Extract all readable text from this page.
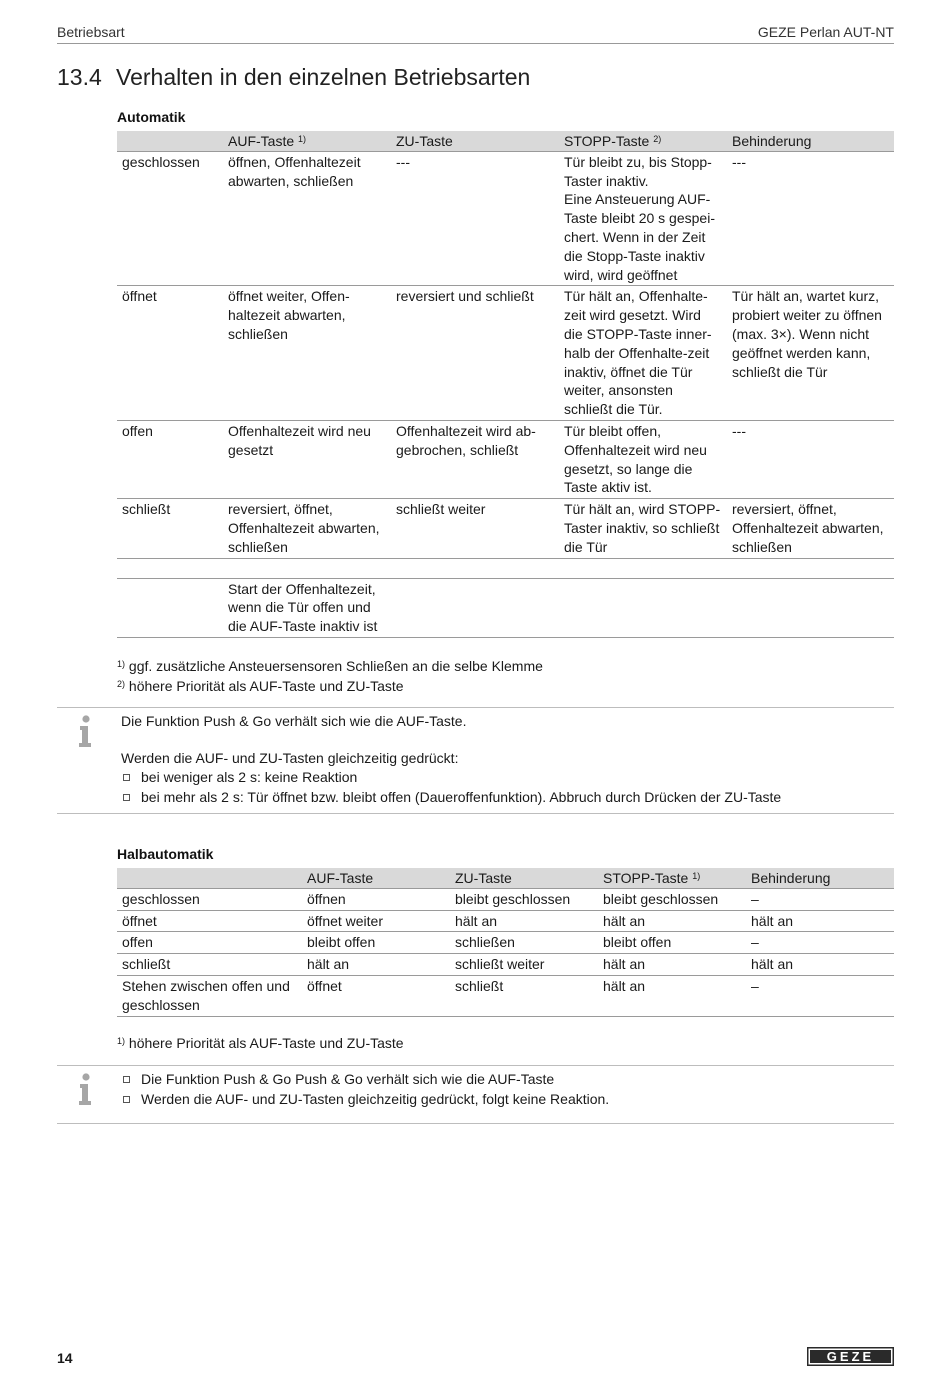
Betriebsart	GEZE Perlan AUT-NT
13.4 Verhalten in den einzelnen Betriebsarten
Automatik
	AUF-Taste $^{1)}$	ZU-Taste	STOPP-Taste $^{2)}$	Behinderung

geschlossen	öffnen, Offenhaltezeit abwarten, schließen	---	Tür bleibt zu, bis Stopp-Taster inaktiv.
Eine Ansteuerung AUF-Taste bleibt 20 s gespei-chert. Wenn in der Zeit die Stopp-Taste inaktiv wird, wird geöffnet	---

öffnet	öffnet weiter, Offen-haltezeit abwarten, schließen	reversiert und schließt	Tür hält an, Offenhalte-zeit wird gesetzt. Wird die STOPP-Taste inner-halb der Offenhalte-zeit inaktiv, öffnet die Tür weiter, ansonsten schließt die Tür.	Tür hält an, wartet kurz, probiert weiter zu öffnen (max. 3×). Wenn nicht geöffnet werden kann, schließt die Tür

offen	Offenhaltezeit wird neu gesetzt	Offenhaltezeit wird ab-gebrochen, schließt	Tür bleibt offen, Offenhaltezeit wird neu gesetzt, so lange die Taste aktiv ist.	---

schließt	reversiert, öffnet, Offenhaltezeit abwarten, schließen	schließt weiter	Tür hält an, wird STOPP-Taster inaktiv, so schließt die Tür	reversiert, öffnet, Offenhaltezeit abwarten, schließen

	Start der Offenhaltezeit, wenn die Tür offen und die AUF-Taste inaktiv ist			

$^{1)}$ ggf. zusätzliche Ansteuersensoren Schließen an die selbe Klemme
$^{2)}$ höhere Priorität als AUF-Taste und ZU-Taste

Die Funktion Push & Go verhält sich wie die AUF-Taste.

Werden die AUF- und ZU-Tasten gleichzeitig gedrückt:

bei weniger als 2 s: keine Reaktion
bei mehr als 2 s: Tür öffnet bzw. bleibt offen (Daueroffenfunktion). Abbruch durch Drücken der ZU-Taste
Halbautomatik
	AUF-Taste	ZU-Taste	STOPP-Taste $^{1)}$	Behinderung

geschlossen	öffnen	bleibt geschlossen	bleibt geschlossen	–

öffnet	öffnet weiter	hält an	hält an	hält an

offen	bleibt offen	schließen	bleibt offen	–

schließt	hält an	schließt weiter	hält an	hält an

Stehen zwischen offen und geschlossen	öffnet	schließt	hält an	–
$^{1)}$ höhere Priorität als AUF-Taste und ZU-Taste
Die Funktion Push & Go Push & Go verhält sich wie die AUF-Taste
Werden die AUF- und ZU-Tasten gleichzeitig gedrückt, folgt keine Reaktion.
14	GEZE
